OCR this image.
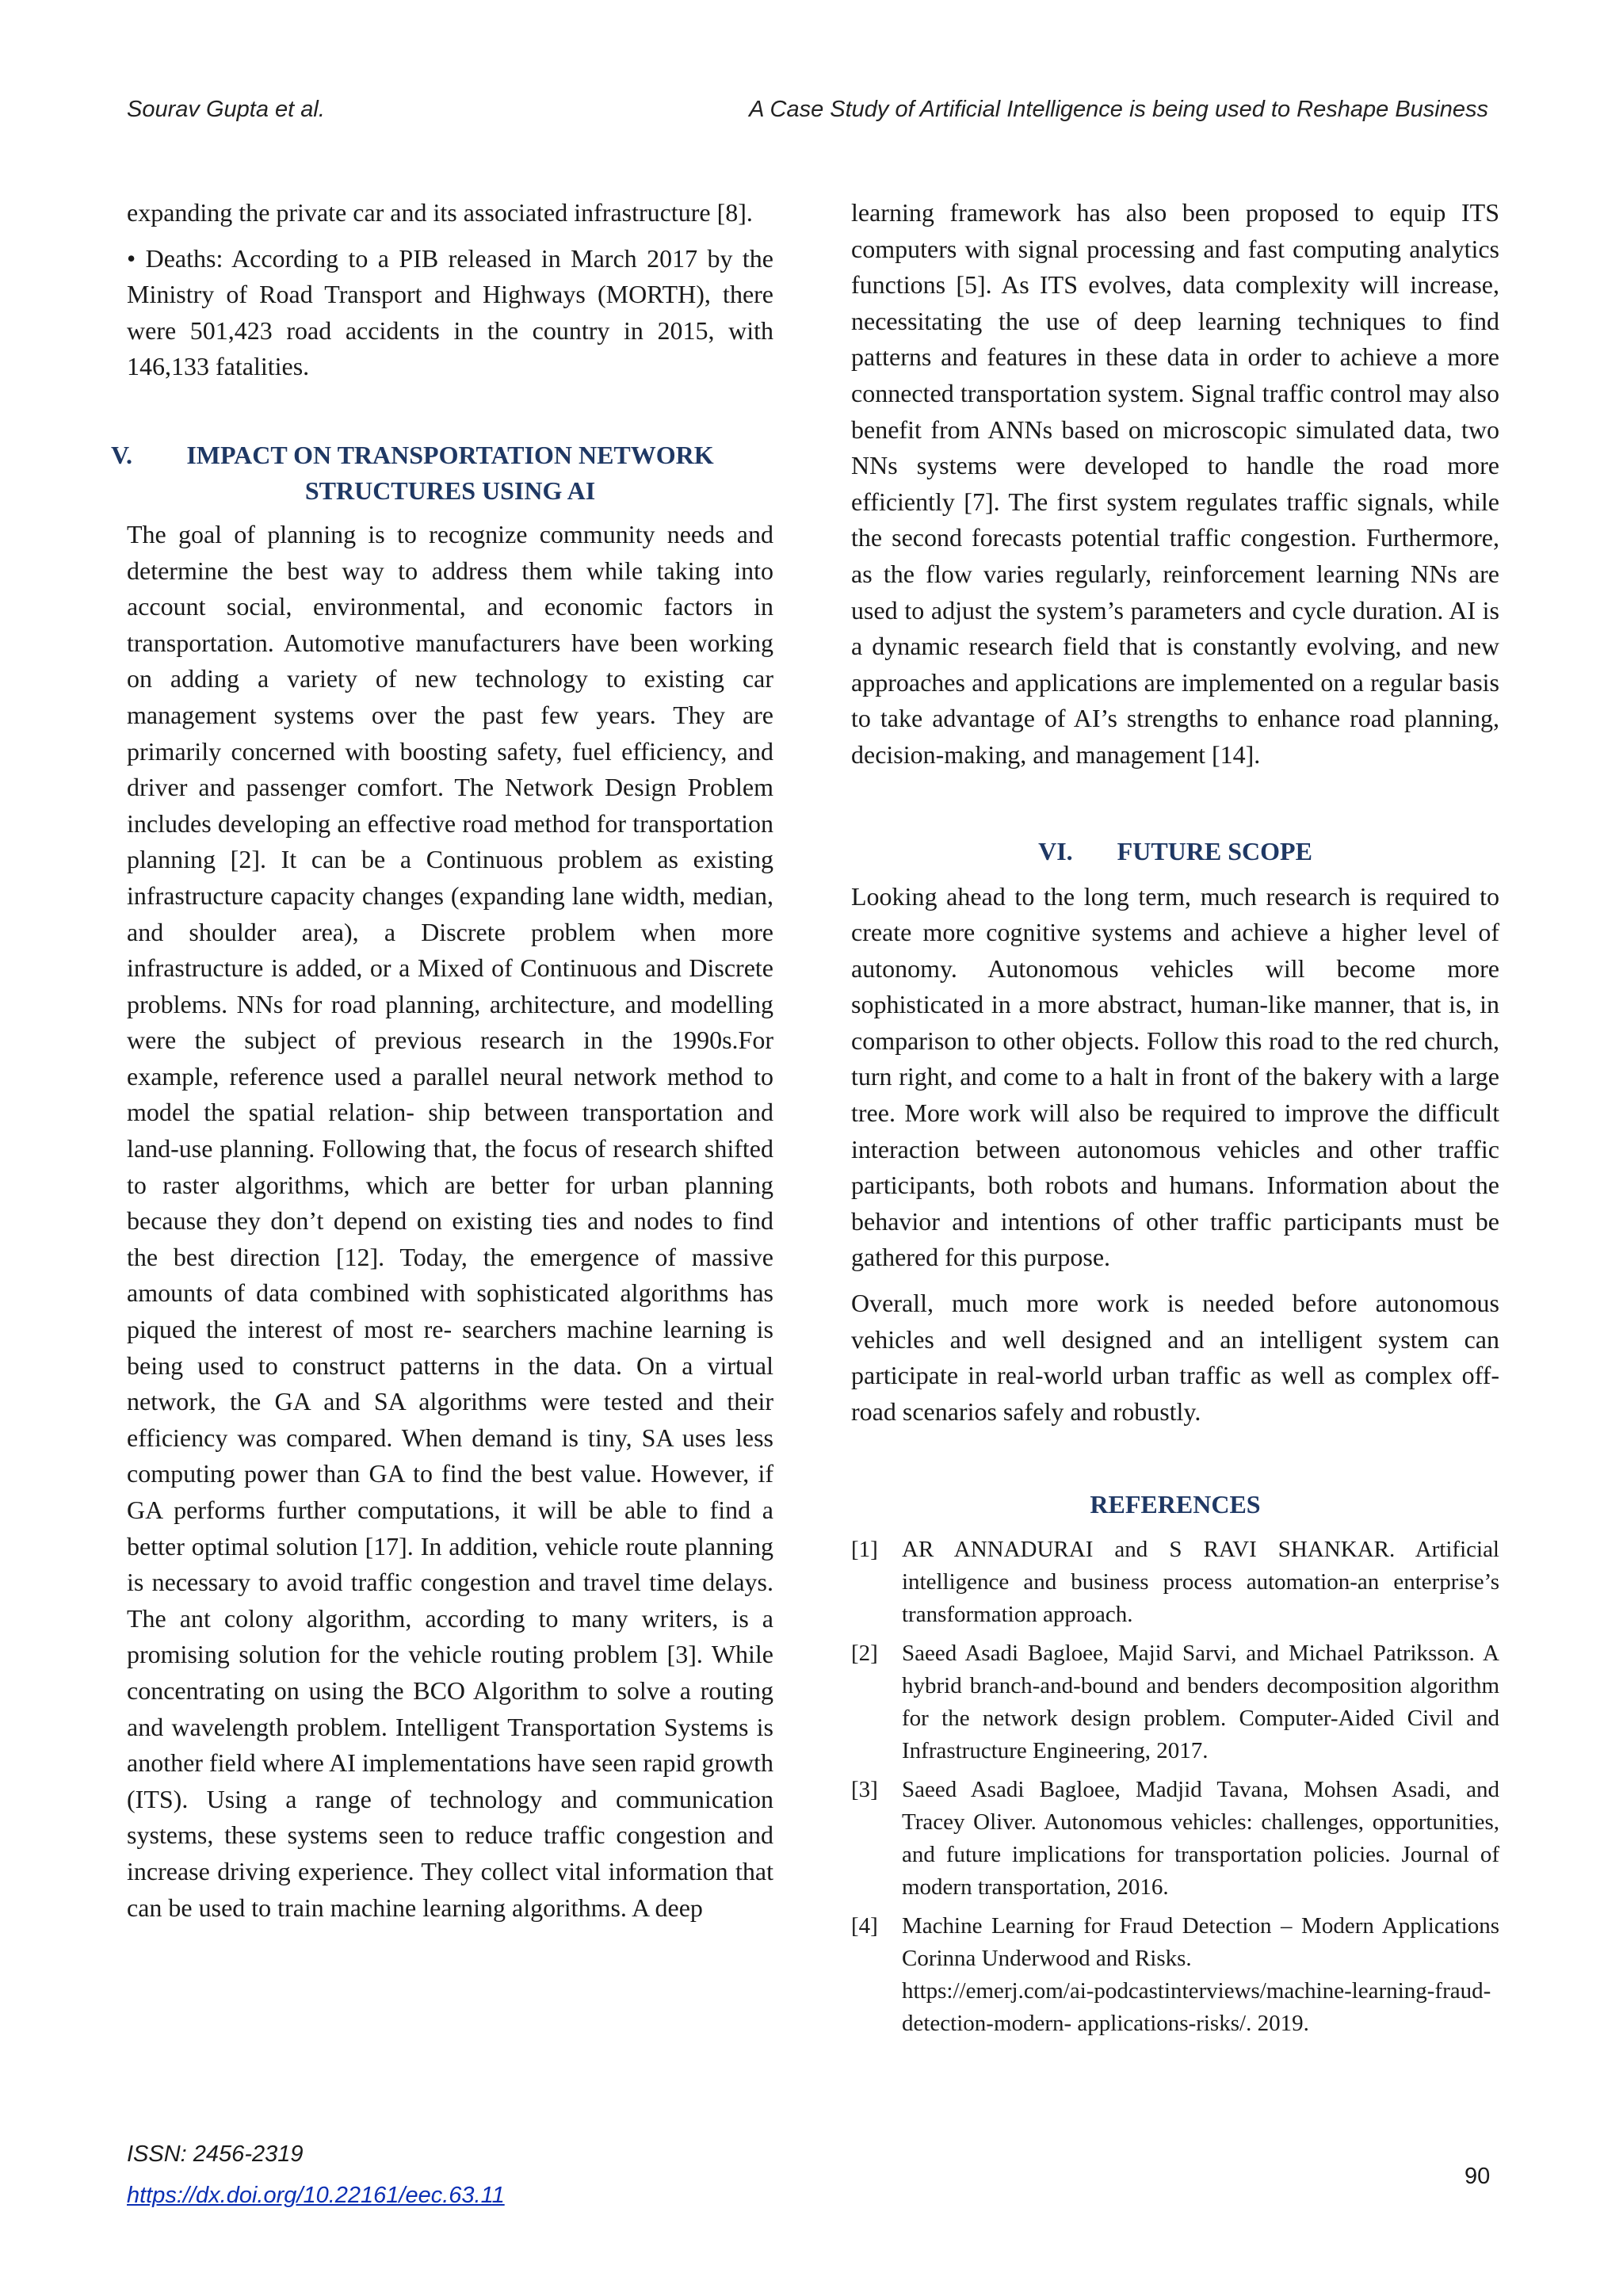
Sourav Gupta et al.	A Case Study of Artificial Intelligence is being used to Reshape Business

expanding the private car and its associated infrastructure [8].

• Deaths: According to a PIB released in March 2017 by the Ministry of Road Transport and Highways (MORTH), there were 501,423 road accidents in the country in 2015, with 146,133 fatalities.

V.	IMPACT ON TRANSPORTATION NETWORK
STRUCTURES USING AI

The goal of planning is to recognize community needs and determine the best way to address them while taking into account social, environmental, and economic factors in transportation. Automotive manufacturers have been working on adding a variety of new technology to existing car management systems over the past few years. They are primarily concerned with boosting safety, fuel efficiency, and driver and passenger comfort. The Network Design Problem includes developing an effective road method for transportation planning [2]. It can be a Continuous problem as existing infrastructure capacity changes (expanding lane width, median, and shoulder area), a Discrete problem when more infrastructure is added, or a Mixed of Continuous and Discrete problems. NNs for road planning, architecture, and modelling were the subject of previous research in the 1990s.For example, reference used a parallel neural network method to model the spatial relation- ship between transportation and land-use planning. Following that, the focus of research shifted to raster algorithms, which are better for urban planning because they don’t depend on existing ties and nodes to find the best direction [12]. Today, the emergence of massive amounts of data combined with sophisticated algorithms has piqued the interest of most re- searchers machine learning is being used to construct patterns in the data. On a virtual network, the GA and SA algorithms were tested and their efficiency was compared. When demand is tiny, SA uses less computing power than GA to find the best value. However, if GA performs further computations, it will be able to find a better optimal solution [17]. In addition, vehicle route planning is necessary to avoid traffic congestion and travel time delays. The ant colony algorithm, according to many writers, is a promising solution for the vehicle routing problem [3]. While concentrating on using the BCO Algorithm to solve a routing and wavelength problem. Intelligent Transportation Systems is another field where AI implementations have seen rapid growth (ITS). Using a range of technology and communication systems, these systems seen to reduce traffic congestion and increase driving experience. They collect vital information that can be used to train machine learning algorithms. A deep

learning framework has also been proposed to equip ITS computers with signal processing and fast computing analytics functions [5]. As ITS evolves, data complexity will increase, necessitating the use of deep learning techniques to find patterns and features in these data in order to achieve a more connected transportation system. Signal traffic control may also benefit from ANNs based on microscopic simulated data, two NNs systems were developed to handle the road more efficiently [7]. The first system regulates traffic signals, while the second forecasts potential traffic congestion. Furthermore, as the flow varies regularly, reinforcement learning NNs are used to adjust the system’s parameters and cycle duration. AI is a dynamic research field that is constantly evolving, and new approaches and applications are implemented on a regular basis to take advantage of AI’s strengths to enhance road planning, decision-making, and management [14].

VI. FUTURE SCOPE

Looking ahead to the long term, much research is required to create more cognitive systems and achieve a higher level of autonomy. Autonomous vehicles will become more sophisticated in a more abstract, human-like manner, that is, in comparison to other objects. Follow this road to the red church, turn right, and come to a halt in front of the bakery with a large tree. More work will also be required to improve the difficult interaction between autonomous vehicles and other traffic participants, both robots and humans. Information about the behavior and intentions of other traffic participants must be gathered for this purpose.

Overall, much more work is needed before autonomous vehicles and well designed and an intelligent system can participate in real-world urban traffic as well as complex off-road scenarios safely and robustly.

REFERENCES
[1] AR ANNADURAI and S RAVI SHANKAR. Artificial intelligence and business process automation-an enterprise’s transformation approach.
[2] Saeed Asadi Bagloee, Majid Sarvi, and Michael Patriksson. A hybrid branch-and-bound and benders decomposition algorithm for the network design problem. Computer-Aided Civil and Infrastructure Engineering, 2017.
[3] Saeed Asadi Bagloee, Madjid Tavana, Mohsen Asadi, and Tracey Oliver. Autonomous vehicles: challenges, opportunities, and future implications for transportation policies. Journal of modern transportation, 2016.
[4] Machine Learning for Fraud Detection – Modern Applications Corinna Underwood and Risks.
https://emerj.com/ai-podcastinterviews/machine-learning-fraud-detection-modern- applications-risks/. 2019.
ISSN: 2456-2319
https://dx.doi.org/10.22161/eec.63.11
90
